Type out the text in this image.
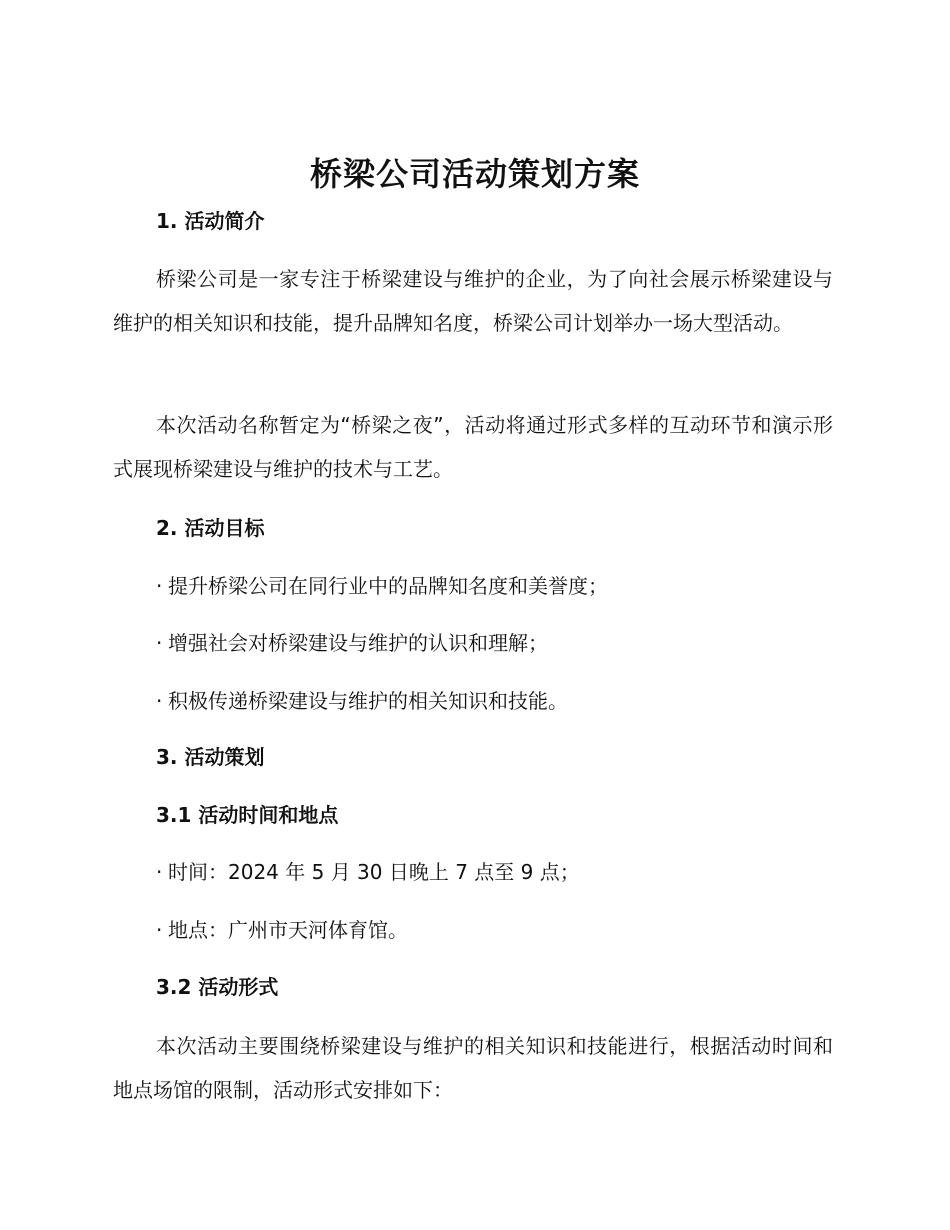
桥梁公司活动策划方案
1. 活动简介
桥梁公司是一家专注于桥梁建设与维护的企业，为了向社会展示桥梁建设与维护的相关知识和技能，提升品牌知名度，桥梁公司计划举办一场大型活动。
本次活动名称暂定为“桥梁之夜”，活动将通过形式多样的互动环节和演示形式展现桥梁建设与维护的技术与工艺。
2. 活动目标
· 提升桥梁公司在同行业中的品牌知名度和美誉度；
· 增强社会对桥梁建设与维护的认识和理解；
· 积极传递桥梁建设与维护的相关知识和技能。
3. 活动策划
3.1 活动时间和地点
· 时间：2024 年 5 月 30 日晚上 7 点至 9 点；
· 地点：广州市天河体育馆。
3.2 活动形式
本次活动主要围绕桥梁建设与维护的相关知识和技能进行，根据活动时间和地点场馆的限制，活动形式安排如下：
